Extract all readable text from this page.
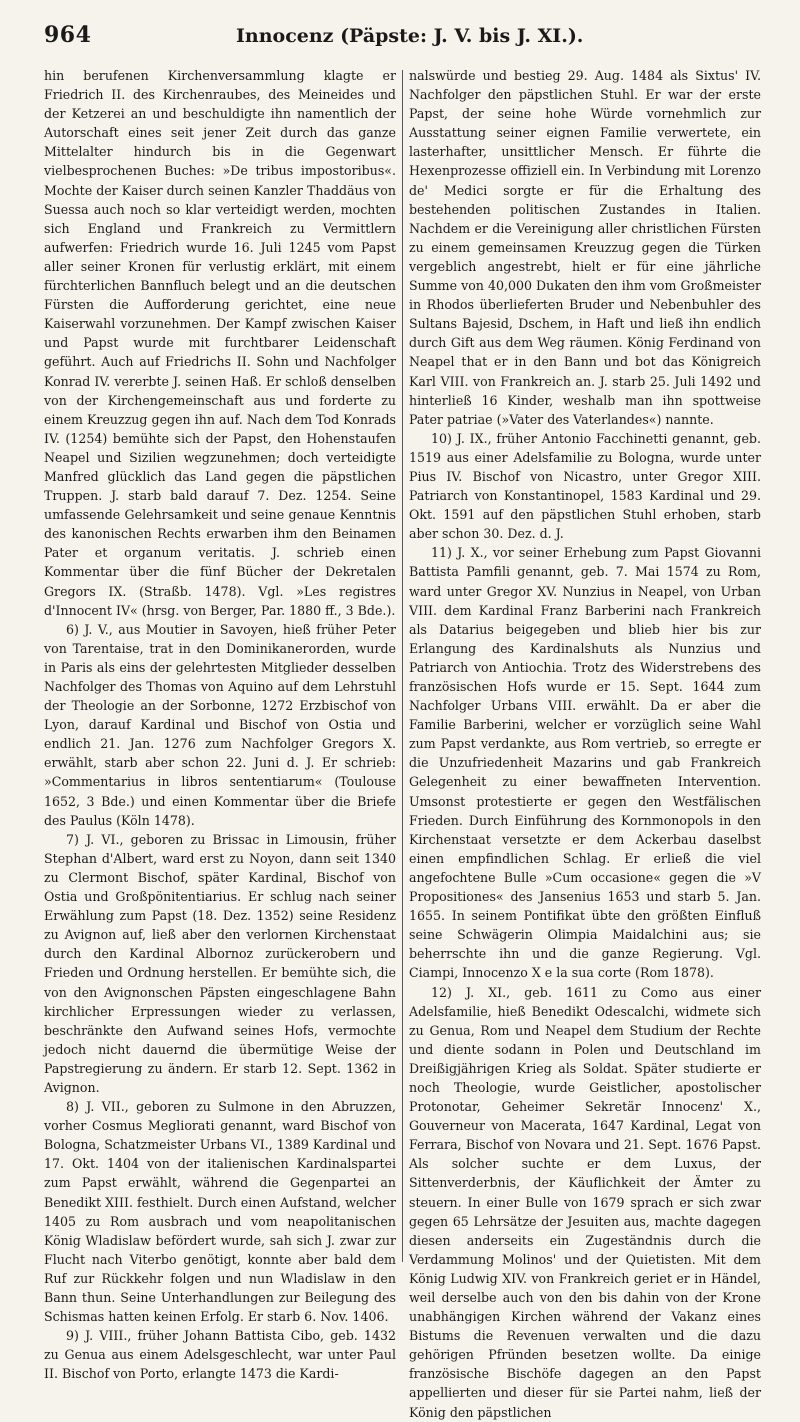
964	Innocenz (Päpste: J. V. bis J. XI.).

hin berufenen Kirchenversammlung klagte er Friedrich II. des Kirchenraubes, des Meineides und der Ketzerei an und beschuldigte ihn namentlich der Autorschaft eines seit jener Zeit durch das ganze Mittelalter hindurch bis in die Gegenwart vielbesprochenen Buches: »De tribus impostoribus«. Mochte der Kaiser durch seinen Kanzler Thaddäus von Suessa auch noch so klar verteidigt werden, mochten sich England und Frankreich zu Vermittlern aufwerfen: Friedrich wurde 16. Juli 1245 vom Papst aller seiner Kronen für verlustig erklärt, mit einem fürchterlichen Bannfluch belegt und an die deutschen Fürsten die Aufforderung gerichtet, eine neue Kaiserwahl vorzunehmen. Der Kampf zwischen Kaiser und Papst wurde mit furchtbarer Leidenschaft geführt. Auch auf Friedrichs II. Sohn und Nachfolger Konrad IV. vererbte J. seinen Haß. Er schloß denselben von der Kirchengemeinschaft aus und forderte zu einem Kreuzzug gegen ihn auf. Nach dem Tod Konrads IV. (1254) bemühte sich der Papst, den Hohenstaufen Neapel und Sizilien wegzunehmen; doch verteidigte Manfred glücklich das Land gegen die päpstlichen Truppen. J. starb bald darauf 7. Dez. 1254. Seine umfassende Gelehrsamkeit und seine genaue Kenntnis des kanonischen Rechts erwarben ihm den Beinamen Pater et organum veritatis. J. schrieb einen Kommentar über die fünf Bücher der Dekretalen Gregors IX. (Straßb. 1478). Vgl. »Les registres d'Innocent IV« (hrsg. von Berger, Par. 1880 ff., 3 Bde.).

6) J. V., aus Moutier in Savoyen, hieß früher Peter von Tarentaise, trat in den Dominikanerorden, wurde in Paris als eins der gelehrtesten Mitglieder desselben Nachfolger des Thomas von Aquino auf dem Lehrstuhl der Theologie an der Sorbonne, 1272 Erzbischof von Lyon, darauf Kardinal und Bischof von Ostia und endlich 21. Jan. 1276 zum Nachfolger Gregors X. erwählt, starb aber schon 22. Juni d. J. Er schrieb: »Commentarius in libros sententiarum« (Toulouse 1652, 3 Bde.) und einen Kommentar über die Briefe des Paulus (Köln 1478).

7) J. VI., geboren zu Brissac in Limousin, früher Stephan d'Albert, ward erst zu Noyon, dann seit 1340 zu Clermont Bischof, später Kardinal, Bischof von Ostia und Großpönitentiarius. Er schlug nach seiner Erwählung zum Papst (18. Dez. 1352) seine Residenz zu Avignon auf, ließ aber den verlornen Kirchenstaat durch den Kardinal Albornoz zurückerobern und Frieden und Ordnung herstellen. Er bemühte sich, die von den Avignonschen Päpsten eingeschlagene Bahn kirchlicher Erpressungen wieder zu verlassen, beschränkte den Aufwand seines Hofs, vermochte jedoch nicht dauernd die übermütige Weise der Papstregierung zu ändern. Er starb 12. Sept. 1362 in Avignon.

8) J. VII., geboren zu Sulmone in den Abruzzen, vorher Cosmus Megliorati genannt, ward Bischof von Bologna, Schatzmeister Urbans VI., 1389 Kardinal und 17. Okt. 1404 von der italienischen Kardinalspartei zum Papst erwählt, während die Gegenpartei an Benedikt XIII. festhielt. Durch einen Aufstand, welcher 1405 zu Rom ausbrach und vom neapolitanischen König Wladislaw befördert wurde, sah sich J. zwar zur Flucht nach Viterbo genötigt, konnte aber bald dem Ruf zur Rückkehr folgen und nun Wladislaw in den Bann thun. Seine Unterhandlungen zur Beilegung des Schismas hatten keinen Erfolg. Er starb 6. Nov. 1406.

9) J. VIII., früher Johann Battista Cibo, geb. 1432 zu Genua aus einem Adelsgeschlecht, war unter Paul II. Bischof von Porto, erlangte 1473 die Kardi-

nalswürde und bestieg 29. Aug. 1484 als Sixtus' IV. Nachfolger den päpstlichen Stuhl. Er war der erste Papst, der seine hohe Würde vornehmlich zur Ausstattung seiner eignen Familie verwertete, ein lasterhafter, unsittlicher Mensch. Er führte die Hexenprozesse offiziell ein. In Verbindung mit Lorenzo de' Medici sorgte er für die Erhaltung des bestehenden politischen Zustandes in Italien. Nachdem er die Vereinigung aller christlichen Fürsten zu einem gemeinsamen Kreuzzug gegen die Türken vergeblich angestrebt, hielt er für eine jährliche Summe von 40,000 Dukaten den ihm vom Großmeister in Rhodos überlieferten Bruder und Nebenbuhler des Sultans Bajesid, Dschem, in Haft und ließ ihn endlich durch Gift aus dem Weg räumen. König Ferdinand von Neapel that er in den Bann und bot das Königreich Karl VIII. von Frankreich an. J. starb 25. Juli 1492 und hinterließ 16 Kinder, weshalb man ihn spottweise Pater patriae (»Vater des Vaterlandes«) nannte.

10) J. IX., früher Antonio Facchinetti genannt, geb. 1519 aus einer Adelsfamilie zu Bologna, wurde unter Pius IV. Bischof von Nicastro, unter Gregor XIII. Patriarch von Konstantinopel, 1583 Kardinal und 29. Okt. 1591 auf den päpstlichen Stuhl erhoben, starb aber schon 30. Dez. d. J.

11) J. X., vor seiner Erhebung zum Papst Giovanni Battista Pamfili genannt, geb. 7. Mai 1574 zu Rom, ward unter Gregor XV. Nunzius in Neapel, von Urban VIII. dem Kardinal Franz Barberini nach Frankreich als Datarius beigegeben und blieb hier bis zur Erlangung des Kardinalshuts als Nunzius und Patriarch von Antiochia. Trotz des Widerstrebens des französischen Hofs wurde er 15. Sept. 1644 zum Nachfolger Urbans VIII. erwählt. Da er aber die Familie Barberini, welcher er vorzüglich seine Wahl zum Papst verdankte, aus Rom vertrieb, so erregte er die Unzufriedenheit Mazarins und gab Frankreich Gelegenheit zu einer bewaffneten Intervention. Umsonst protestierte er gegen den Westfälischen Frieden. Durch Einführung des Kornmonopols in den Kirchenstaat versetzte er dem Ackerbau daselbst einen empfindlichen Schlag. Er erließ die viel angefochtene Bulle »Cum occasione« gegen die »V Propositiones« des Jansenius 1653 und starb 5. Jan. 1655. In seinem Pontifikat übte den größten Einfluß seine Schwägerin Olimpia Maidalchini aus; sie beherrschte ihn und die ganze Regierung. Vgl. Ciampi, Innocenzo X e la sua corte (Rom 1878).

12) J. XI., geb. 1611 zu Como aus einer Adelsfamilie, hieß Benedikt Odescalchi, widmete sich zu Genua, Rom und Neapel dem Studium der Rechte und diente sodann in Polen und Deutschland im Dreißigjährigen Krieg als Soldat. Später studierte er noch Theologie, wurde Geistlicher, apostolischer Protonotar, Geheimer Sekretär Innocenz' X., Gouverneur von Macerata, 1647 Kardinal, Legat von Ferrara, Bischof von Novara und 21. Sept. 1676 Papst. Als solcher suchte er dem Luxus, der Sittenverderbnis, der Käuflichkeit der Ämter zu steuern. In einer Bulle von 1679 sprach er sich zwar gegen 65 Lehrsätze der Jesuiten aus, machte dagegen diesen anderseits ein Zugeständnis durch die Verdammung Molinos' und der Quietisten. Mit dem König Ludwig XIV. von Frankreich geriet er in Händel, weil derselbe auch von den bis dahin von der Krone unabhängigen Kirchen während der Vakanz eines Bistums die Revenuen verwalten und die dazu gehörigen Pfründen besetzen wollte. Da einige französische Bischöfe dagegen an den Papst appellierten und dieser für sie Partei nahm, ließ der König den päpstlichen
